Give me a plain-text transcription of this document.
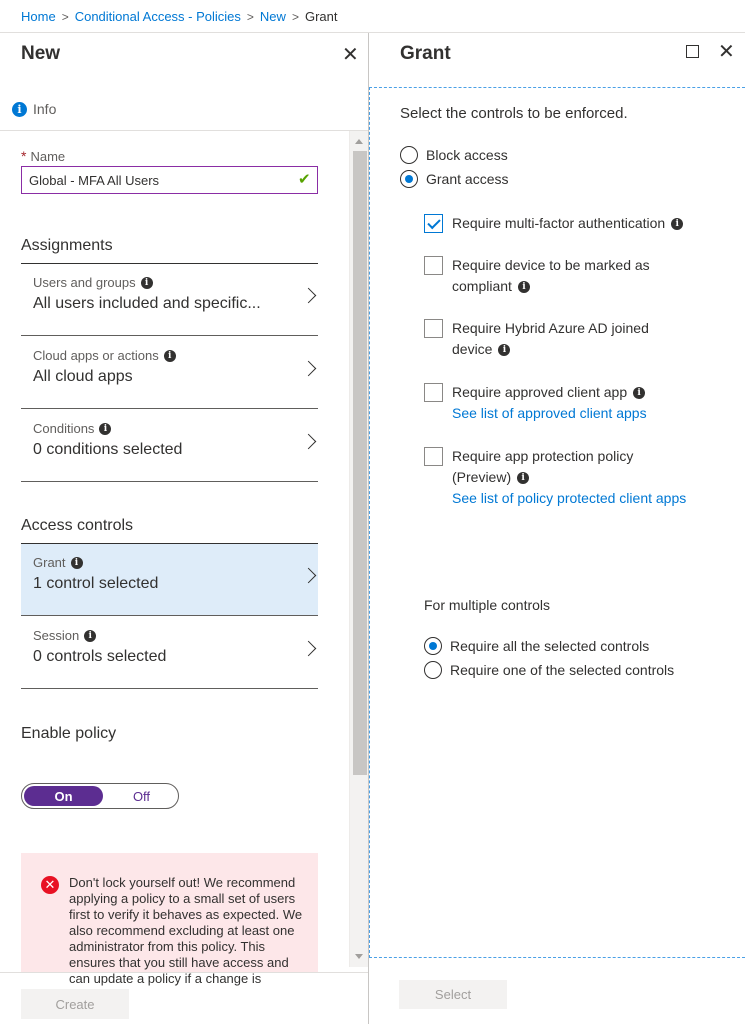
Home > Conditional Access - Policies > New > Grant
New	✕
i Info
* Name
Global - MFA All Users
✔
Assignments
Users and groups	i
All users included and specific...
Cloud apps or actions	i
All cloud apps
Conditions	i
0 conditions selected
Access controls
Grant	i
1 control selected
Session	i
0 controls selected
Enable policy
On	Off
✕ Don't lock yourself out! We recommend applying a policy to a small set of users first to verify it behaves as expected. We also recommend excluding at least one administrator from this policy. This ensures that you still have access and can update a policy if a change is
Create
Grant	✕
Select the controls to be enforced.
Block access
Grant access
Require multi-factor authentication i
Require device to be marked as
compliant i
Require Hybrid Azure AD joined
device i
Require approved client app i
See list of approved client apps
Require app protection policy
(Preview) i
See list of policy protected client apps
For multiple controls
Require all the selected controls
Require one of the selected controls
Select
